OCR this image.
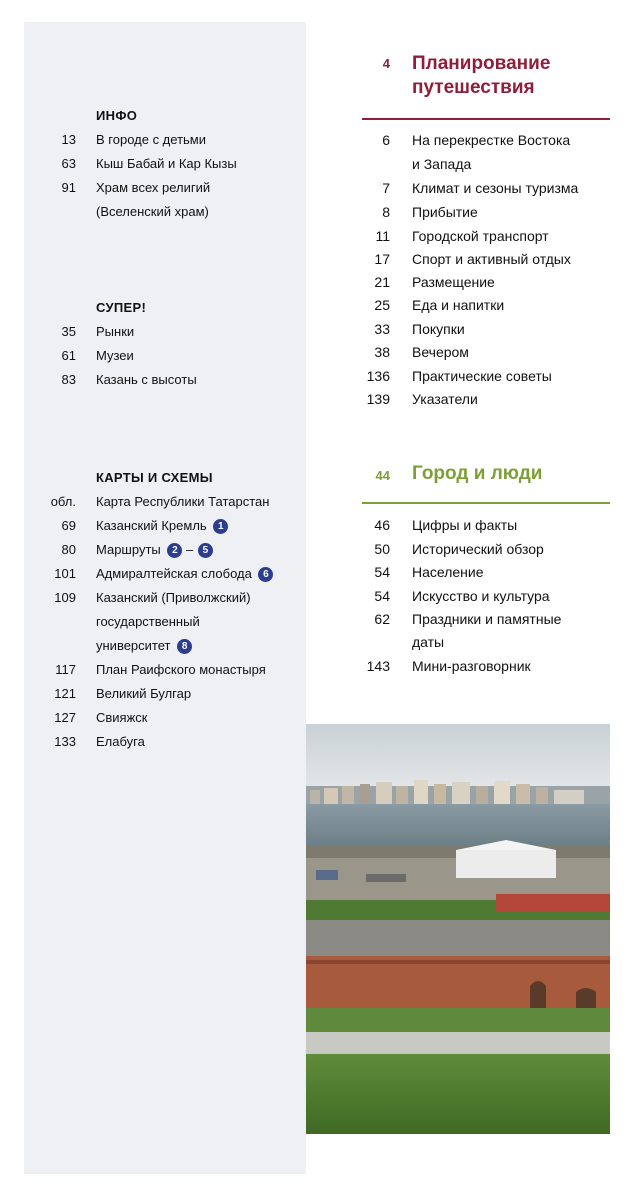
ИНФО
13 В городе с детьми
63 Кыш Бабай и Кар Кызы
91 Храм всех религий
(Вселенский храм)
СУПЕР!
35 Рынки
61 Музеи
83 Казань с высоты
КАРТЫ И СХЕМЫ
обл. Карта Республики Татарстан
69 Казанский Кремль 1
80 Маршруты 2 – 5
101 Адмиралтейская слобода 6
109 Казанский (Приволжский)
государственный
университет 8
117 План Раифского монастыря
121 Великий Булгар
127 Свияжск
133 Елабуга
4 Планирование
путешествия
6 На перекрестке Востока
и Запада
7 Климат и сезоны туризма
8 Прибытие
11 Городской транспорт
17 Спорт и активный отдых
21 Размещение
25 Еда и напитки
33 Покупки
38 Вечером
136 Практические советы
139 Указатели
44 Город и люди
46 Цифры и факты
50 Исторический обзор
54 Население
54 Искусство и культура
62 Праздники и памятные
даты
143 Мини-разговорник
